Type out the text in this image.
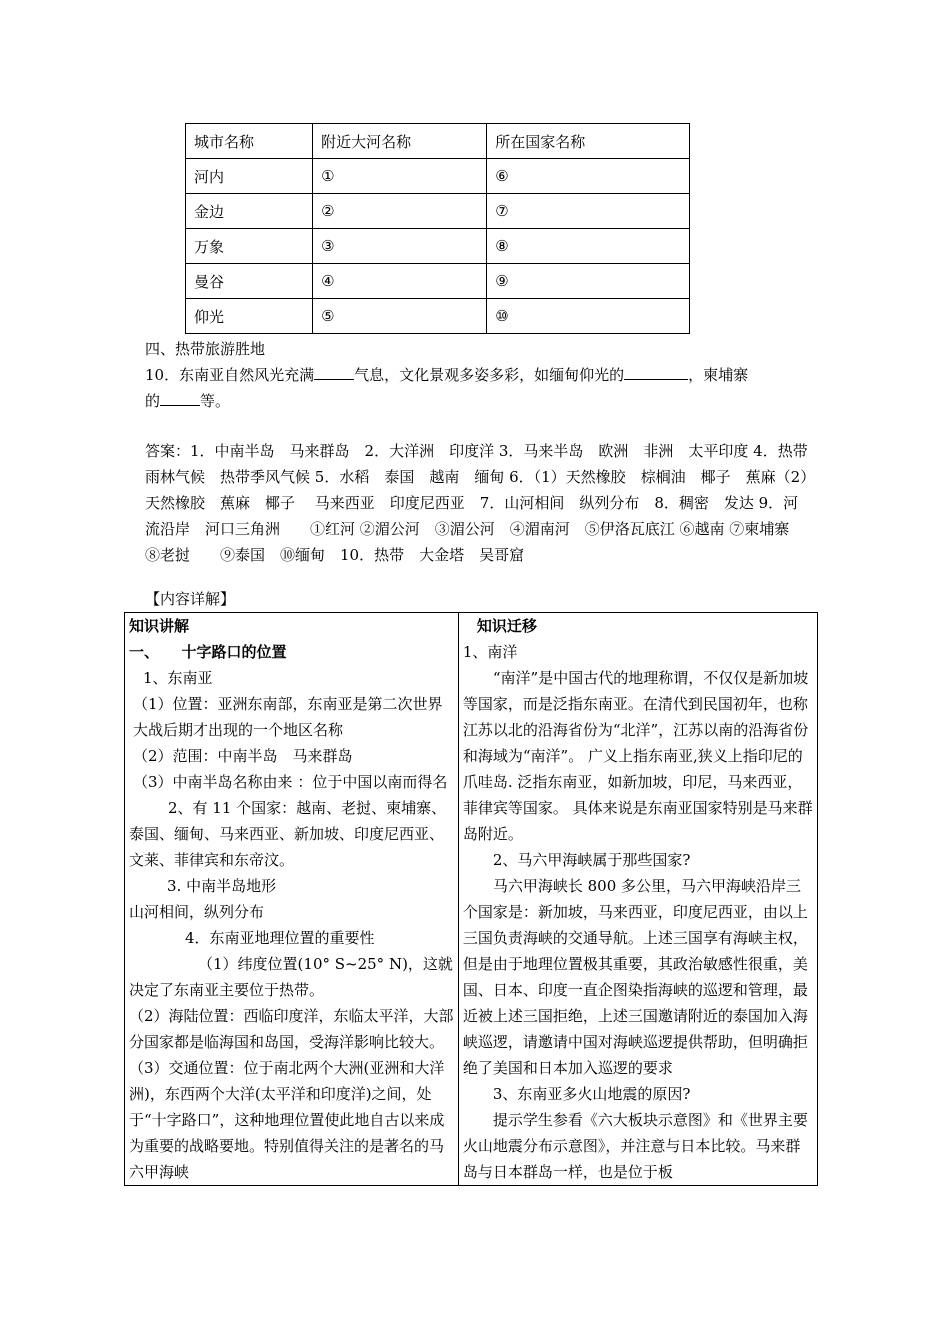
城市名称	附近大河名称	所在国家名称
河内	①	⑥
金边	②	⑦
万象	③	⑧
曼谷	④	⑨
仰光	⑤	⑩
四、热带旅游胜地
10．东南亚自然风光充满	气息，文化景观多姿多彩，如缅甸仰光的	，柬埔寨
的	等。
答案：1．中南半岛　马来群岛　2．大洋洲　印度洋 3．马来半岛　欧洲　非洲　太平印度 4．热带雨林气候　热带季风气候 5．水稻　泰国　越南　缅甸 6．（1）天然橡胶　棕榈油　椰子　蕉麻（2）天然橡胶　蕉麻　椰子　 马来西亚　印度尼西亚　7．山河相间　纵列分布　8．稠密　发达 9．河流沿岸　河口三角洲　　①红河 ②湄公河　③湄公河　④湄南河　⑤伊洛瓦底江 ⑥越南 ⑦柬埔寨　⑧老挝　　⑨泰国　⑩缅甸　10．热带　大金塔　吴哥窟
【内容详解】
知识讲解
一、　　十字路口的位置
1、东南亚
（1）位置：亚洲东南部，东南亚是第二次世界大战后期才出现的一个地区名称
（2）范围：中南半岛　马来群岛
（3）中南半岛名称由来 ：位于中国以南而得名
2、有 11 个国家：越南、老挝、柬埔寨、泰国、缅甸、马来西亚、新加坡、印度尼西亚、文莱、菲律宾和东帝汶。
3. 中南半岛地形
山河相间，纵列分布
4．东南亚地理位置的重要性
（1）纬度位置(10° S~25° N)，这就决定了东南亚主要位于热带。
（2）海陆位置：西临印度洋，东临太平洋，大部分国家都是临海国和岛国，受海洋影响比较大。
（3）交通位置：位于南北两个大洲(亚洲和大洋洲)，东西两个大洋(太平洋和印度洋)之间，处于“十字路口”，这种地理位置使此地自古以来成为重要的战略要地。特别值得关注的是著名的马六甲海峡

知识迁移
1、南洋
“南洋”是中国古代的地理称谓，不仅仅是新加坡等国家，而是泛指东南亚。在清代到民国初年，也称江苏以北的沿海省份为“北洋”，江苏以南的沿海省份和海域为“南洋”。 广义上指东南亚,狭义上指印尼的爪哇岛. 泛指东南亚，如新加坡，印尼，马来西亚，菲律宾等国家。 具体来说是东南亚国家特别是马来群岛附近。
2、马六甲海峡属于那些国家?
马六甲海峡长 800 多公里，马六甲海峡沿岸三个国家是：新加坡，马来西亚，印度尼西亚，由以上三国负责海峡的交通导航。上述三国享有海峡主权，但是由于地理位置极其重要，其政治敏感性很重，美国、日本、印度一直企图染指海峡的巡逻和管理，最近被上述三国拒绝，上述三国邀请附近的泰国加入海峡巡逻，请邀请中国对海峡巡逻提供帮助，但明确拒绝了美国和日本加入巡逻的要求
3、东南亚多火山地震的原因?
提示学生参看《六大板块示意图》和《世界主要火山地震分布示意图》，并注意与日本比较。马来群岛与日本群岛一样，也是位于板
